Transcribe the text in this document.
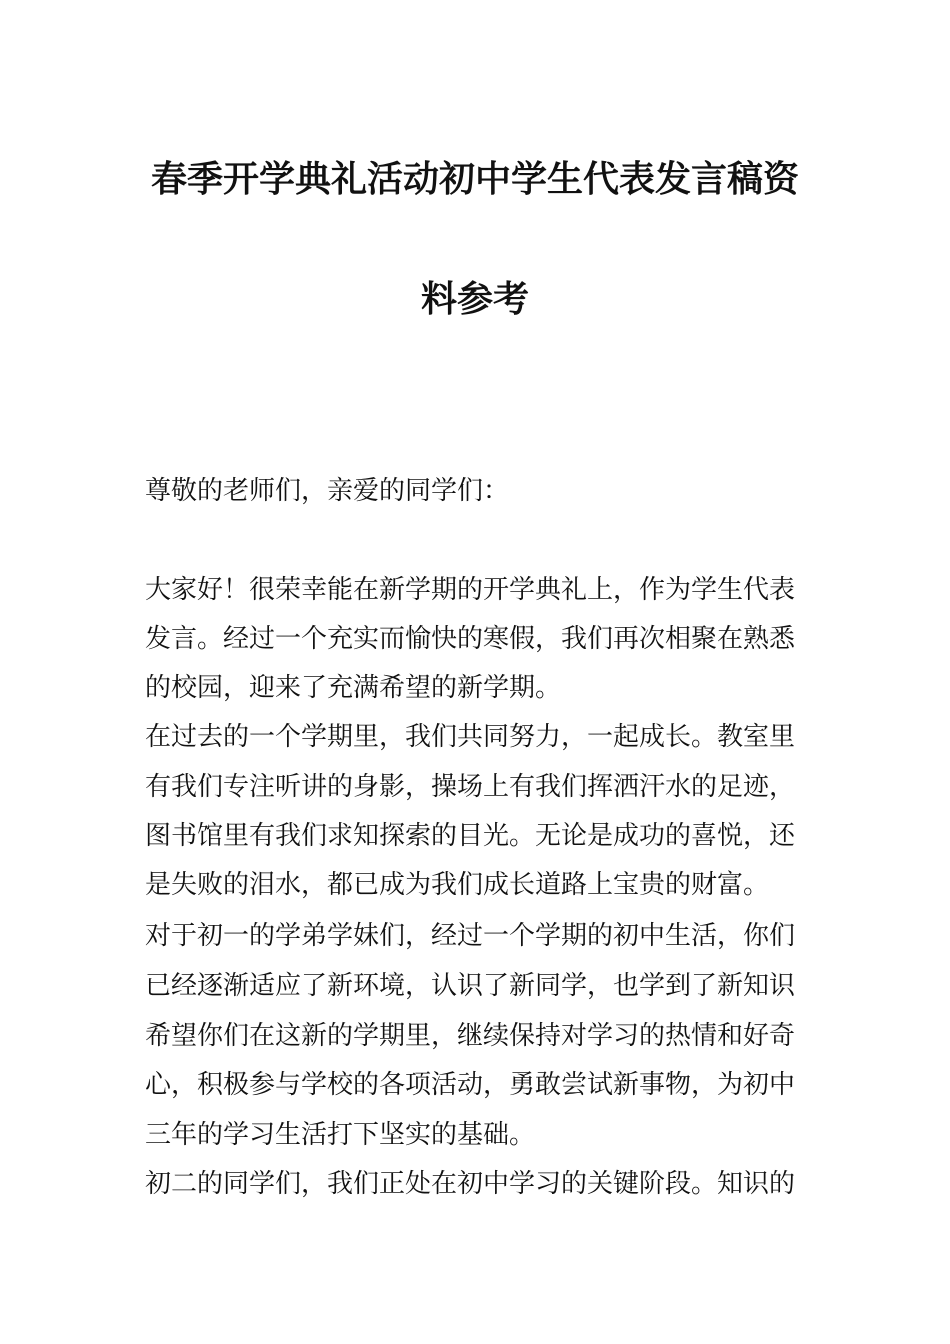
春季开学典礼活动初中学生代表发言稿资
料参考
尊敬的老师们，亲爱的同学们：
大家好！很荣幸能在新学期的开学典礼上，作为学生代表
发言。经过一个充实而愉快的寒假，我们再次相聚在熟悉
的校园，迎来了充满希望的新学期。
在过去的一个学期里，我们共同努力，一起成长。教室里
有我们专注听讲的身影，操场上有我们挥洒汗水的足迹，
图书馆里有我们求知探索的目光。无论是成功的喜悦，还
是失败的泪水，都已成为我们成长道路上宝贵的财富。
对于初一的学弟学妹们，经过一个学期的初中生活，你们
已经逐渐适应了新环境，认识了新同学，也学到了新知识
希望你们在这新的学期里，继续保持对学习的热情和好奇
心，积极参与学校的各项活动，勇敢尝试新事物，为初中
三年的学习生活打下坚实的基础。
初二的同学们，我们正处在初中学习的关键阶段。知识的
